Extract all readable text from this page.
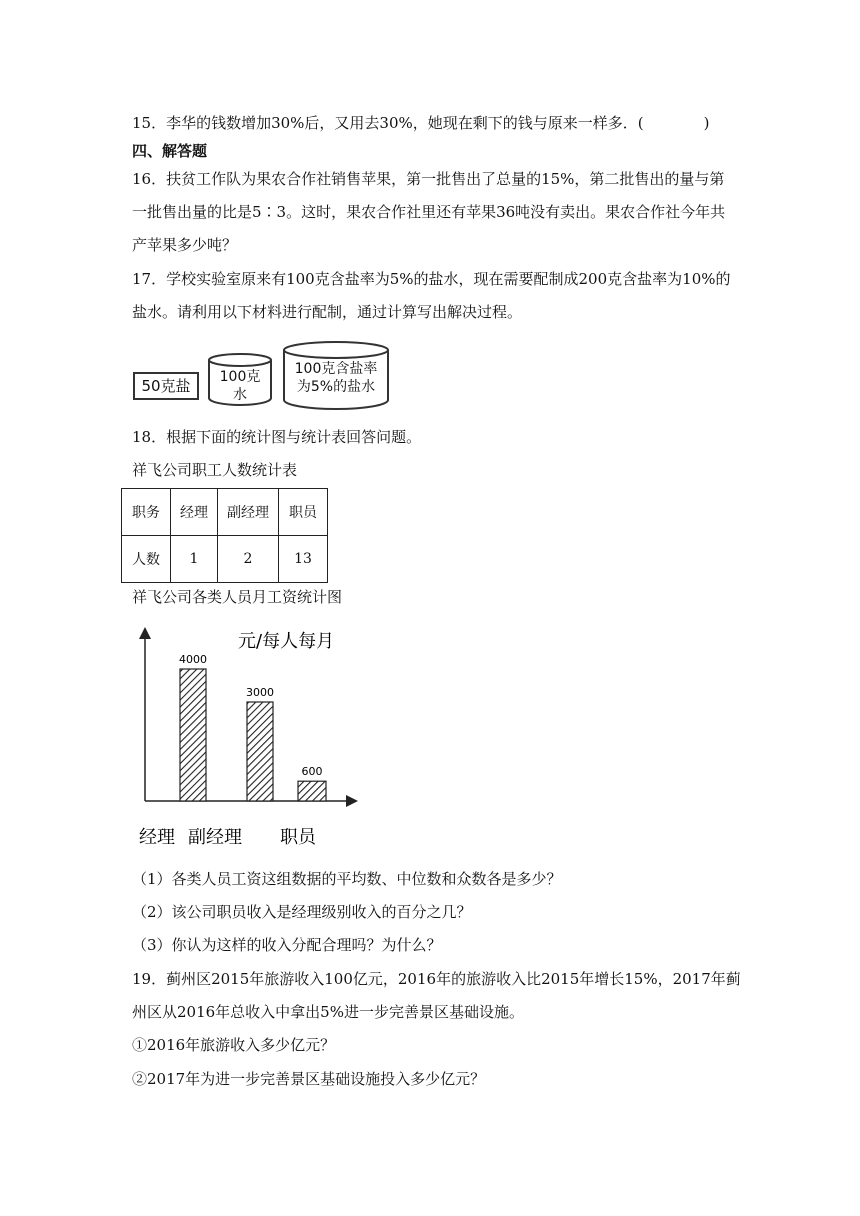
15．李华的钱数增加30%后，又用去30%，她现在剩下的钱与原来一样多．(　　　　)
四、解答题
16．扶贫工作队为果农合作社销售苹果，第一批售出了总量的15%，第二批售出的量与第
一批售出量的比是5∶3。这时，果农合作社里还有苹果36吨没有卖出。果农合作社今年共
产苹果多少吨？
17．学校实验室原来有100克含盐率为5%的盐水，现在需要配制成200克含盐率为10%的
盐水。请利用以下材料进行配制，通过计算写出解决过程。
50克盐	100克
水
100克含盐率
为5%的盐水
18．根据下面的统计图与统计表回答问题。
祥飞公司职工人数统计表
职务	经理	副经理	职员
人数	1	2	13
祥飞公司各类人员月工资统计图
元/每人每月
4000
经理
3000
副经理
600
职员
（1）各类人员工资这组数据的平均数、中位数和众数各是多少？
（2）该公司职员收入是经理级别收入的百分之几？
（3）你认为这样的收入分配合理吗？为什么？
19．蓟州区2015年旅游收入100亿元，2016年的旅游收入比2015年增长15%，2017年蓟
州区从2016年总收入中拿出5%进一步完善景区基础设施。
①2016年旅游收入多少亿元？
②2017年为进一步完善景区基础设施投入多少亿元？
